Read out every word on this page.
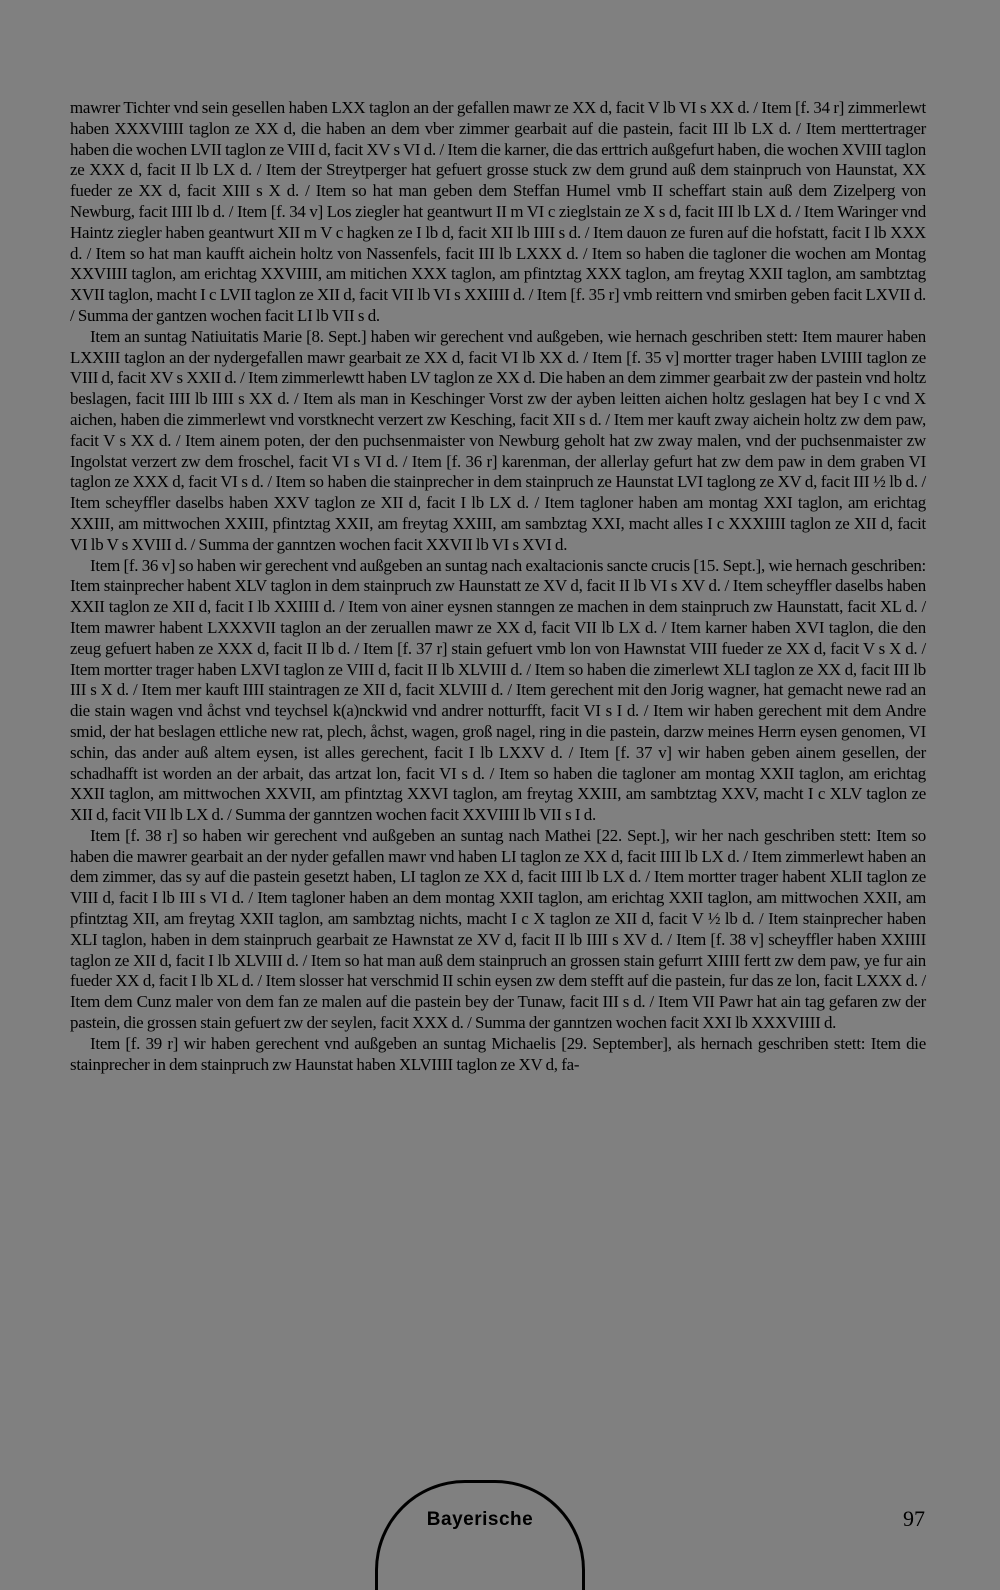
mawrer Tichter vnd sein gesellen haben LXX taglon an der gefallen mawr ze XX d, facit V lb VI s XX d. / Item [f. 34 r] zimmerlewt haben XXXVIIII taglon ze XX d, die haben an dem vber zimmer gearbait auf die pastein, facit III lb LX d. / Item merttertrager haben die wochen LVII taglon ze VIII d, facit XV s VI d. / Item die karner, die das erttrich außgefurt haben, die wochen XVIII taglon ze XXX d, facit II lb LX d. / Item der Streytperger hat gefuert grosse stuck zw dem grund auß dem stainpruch von Haunstat, XX fueder ze XX d, facit XIII s X d. / Item so hat man geben dem Steffan Humel vmb II scheffart stain auß dem Zizelperg von Newburg, facit IIII lb d. / Item [f. 34 v] Los ziegler hat geantwurt II m VI c zieglstain ze X s d, facit III lb LX d. / Item Waringer vnd Haintz ziegler haben geantwurt XII m V c hagken ze I lb d, facit XII lb IIII s d. / Item dauon ze furen auf die hofstatt, facit I lb XXX d. / Item so hat man kaufft aichein holtz von Nassenfels, facit III lb LXXX d. / Item so haben die tagloner die wochen am Montag XXVIIII taglon, am erichtag XXVIIII, am mitichen XXX taglon, am pfintztag XXX taglon, am freytag XXII taglon, am sambtztag XVII taglon, macht I c LVII taglon ze XII d, facit VII lb VI s XXIIII d. / Item [f. 35 r] vmb reittern vnd smirben geben facit LXVII d. / Summa der gantzen wochen facit LI lb VII s d.

Item an suntag Natiuitatis Marie [8. Sept.] haben wir gerechent vnd außgeben, wie hernach geschriben stett: Item maurer haben LXXIII taglon an der nydergefallen mawr gearbait ze XX d, facit VI lb XX d. / Item [f. 35 v] mortter trager haben LVIIII taglon ze VIII d, facit XV s XXII d. / Item zimmerlewtt haben LV taglon ze XX d. Die haben an dem zimmer gearbait zw der pastein vnd holtz beslagen, facit IIII lb IIII s XX d. / Item als man in Keschinger Vorst zw der ayben leitten aichen holtz geslagen hat bey I c vnd X aichen, haben die zimmerlewt vnd vorstknecht verzert zw Kesching, facit XII s d. / Item mer kauft zway aichein holtz zw dem paw, facit V s XX d. / Item ainem poten, der den puchsenmaister von Newburg geholt hat zw zway malen, vnd der puchsenmaister zw Ingolstat verzert zw dem froschel, facit VI s VI d. / Item [f. 36 r] karenman, der allerlay gefurt hat zw dem paw in dem graben VI taglon ze XXX d, facit VI s d. / Item so haben die stainprecher in dem stainpruch ze Haunstat LVI taglong ze XV d, facit III ½ lb d. / Item scheyffler daselbs haben XXV taglon ze XII d, facit I lb LX d. / Item tagloner haben am montag XXI taglon, am erichtag XXIII, am mittwochen XXIII, pfintztag XXII, am freytag XXIII, am sambztag XXI, macht alles I c XXXIIII taglon ze XII d, facit VI lb V s XVIII d. / Summa der ganntzen wochen facit XXVII lb VI s XVI d.

Item [f. 36 v] so haben wir gerechent vnd außgeben an suntag nach exaltacionis sancte crucis [15. Sept.], wie hernach geschriben: Item stainprecher habent XLV taglon in dem stainpruch zw Haunstatt ze XV d, facit II lb VI s XV d. / Item scheyffler daselbs haben XXII taglon ze XII d, facit I lb XXIIII d. / Item von ainer eysnen stanngen ze machen in dem stainpruch zw Haunstatt, facit XL d. / Item mawrer habent LXXXVII taglon an der zeruallen mawr ze XX d, facit VII lb LX d. / Item karner haben XVI taglon, die den zeug gefuert haben ze XXX d, facit II lb d. / Item [f. 37 r] stain gefuert vmb lon von Hawnstat VIII fueder ze XX d, facit V s X d. / Item mortter trager haben LXVI taglon ze VIII d, facit II lb XLVIII d. / Item so haben die zimerlewt XLI taglon ze XX d, facit III lb III s X d. / Item mer kauft IIII staintragen ze XII d, facit XLVIII d. / Item gerechent mit den Jorig wagner, hat gemacht newe rad an die stain wagen vnd åchst vnd teychsel k(a)nckwid vnd andrer notturfft, facit VI s I d. / Item wir haben gerechent mit dem Andre smid, der hat beslagen ettliche new rat, plech, åchst, wagen, groß nagel, ring in die pastein, darzw meines Herrn eysen genomen, VI schin, das ander auß altem eysen, ist alles gerechent, facit I lb LXXV d. / Item [f. 37 v] wir haben geben ainem gesellen, der schadhafft ist worden an der arbait, das artzat lon, facit VI s d. / Item so haben die tagloner am montag XXII taglon, am erichtag XXII taglon, am mittwochen XXVII, am pfintztag XXVI taglon, am freytag XXIII, am sambtztag XXV, macht I c XLV taglon ze XII d, facit VII lb LX d. / Summa der ganntzen wochen facit XXVIIII lb VII s I d.

Item [f. 38 r] so haben wir gerechent vnd außgeben an suntag nach Mathei [22. Sept.], wir her nach geschriben stett: Item so haben die mawrer gearbait an der nyder gefallen mawr vnd haben LI taglon ze XX d, facit IIII lb LX d. / Item zimmerlewt haben an dem zimmer, das sy auf die pastein gesetzt haben, LI taglon ze XX d, facit IIII lb LX d. / Item mortter trager habent XLII taglon ze VIII d, facit I lb III s VI d. / Item tagloner haben an dem montag XXII taglon, am erichtag XXII taglon, am mittwochen XXII, am pfintztag XII, am freytag XXII taglon, am sambztag nichts, macht I c X taglon ze XII d, facit V ½ lb d. / Item stainprecher haben XLI taglon, haben in dem stainpruch gearbait ze Hawnstat ze XV d, facit II lb IIII s XV d. / Item [f. 38 v] scheyffler haben XXIIII taglon ze XII d, facit I lb XLVIII d. / Item so hat man auß dem stainpruch an grossen stain gefurrt XIIII fertt zw dem paw, ye fur ain fueder XX d, facit I lb XL d. / Item slosser hat verschmid II schin eysen zw dem stefft auf die pastein, fur das ze lon, facit LXXX d. / Item dem Cunz maler von dem fan ze malen auf die pastein bey der Tunaw, facit III s d. / Item VII Pawr hat ain tag gefaren zw der pastein, die grossen stain gefuert zw der seylen, facit XXX d. / Summa der ganntzen wochen facit XXI lb XXXVIIII d.

Item [f. 39 r] wir haben gerechent vnd außgeben an suntag Michaelis [29. September], als hernach geschriben stett: Item die stainprecher in dem stainpruch zw Haunstat haben XLVIIII taglon ze XV d, fa-

97
Bayerische
